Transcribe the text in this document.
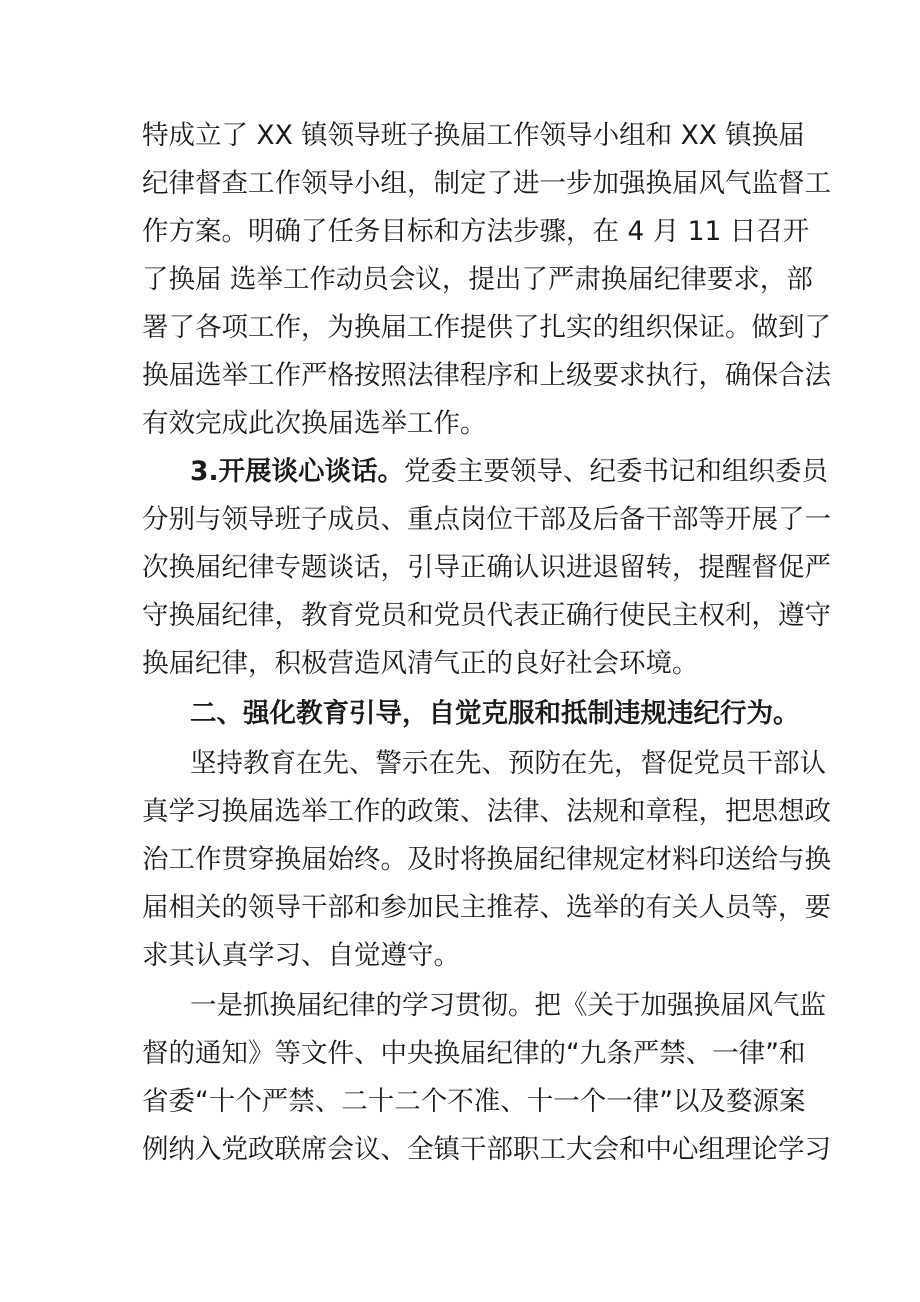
特成立了 XX 镇领导班子换届工作领导小组和 XX 镇换届
纪律督查工作领导小组，制定了进一步加强换届风气监督工
作方案。明确了任务目标和方法步骤，在 4 月 11 日召开
了换届 选举工作动员会议，提出了严肃换届纪律要求，部
署了各项工作，为换届工作提供了扎实的组织保证。做到了
换届选举工作严格按照法律程序和上级要求执行，确保合法
有效完成此次换届选举工作。
3.开展谈心谈话。党委主要领导、纪委书记和组织委员
分别与领导班子成员、重点岗位干部及后备干部等开展了一
次换届纪律专题谈话，引导正确认识进退留转，提醒督促严
守换届纪律，教育党员和党员代表正确行使民主权利，遵守
换届纪律，积极营造风清气正的良好社会环境。
二、强化教育引导，自觉克服和抵制违规违纪行为。
坚持教育在先、警示在先、预防在先，督促党员干部认
真学习换届选举工作的政策、法律、法规和章程，把思想政
治工作贯穿换届始终。及时将换届纪律规定材料印送给与换
届相关的领导干部和参加民主推荐、选举的有关人员等，要
求其认真学习、自觉遵守。
一是抓换届纪律的学习贯彻。把《关于加强换届风气监
督的通知》等文件、中央换届纪律的“九条严禁、一律”和
省委“十个严禁、二十二个不准、十一个一律”以及婺源案
例纳入党政联席会议、全镇干部职工大会和中心组理论学习
